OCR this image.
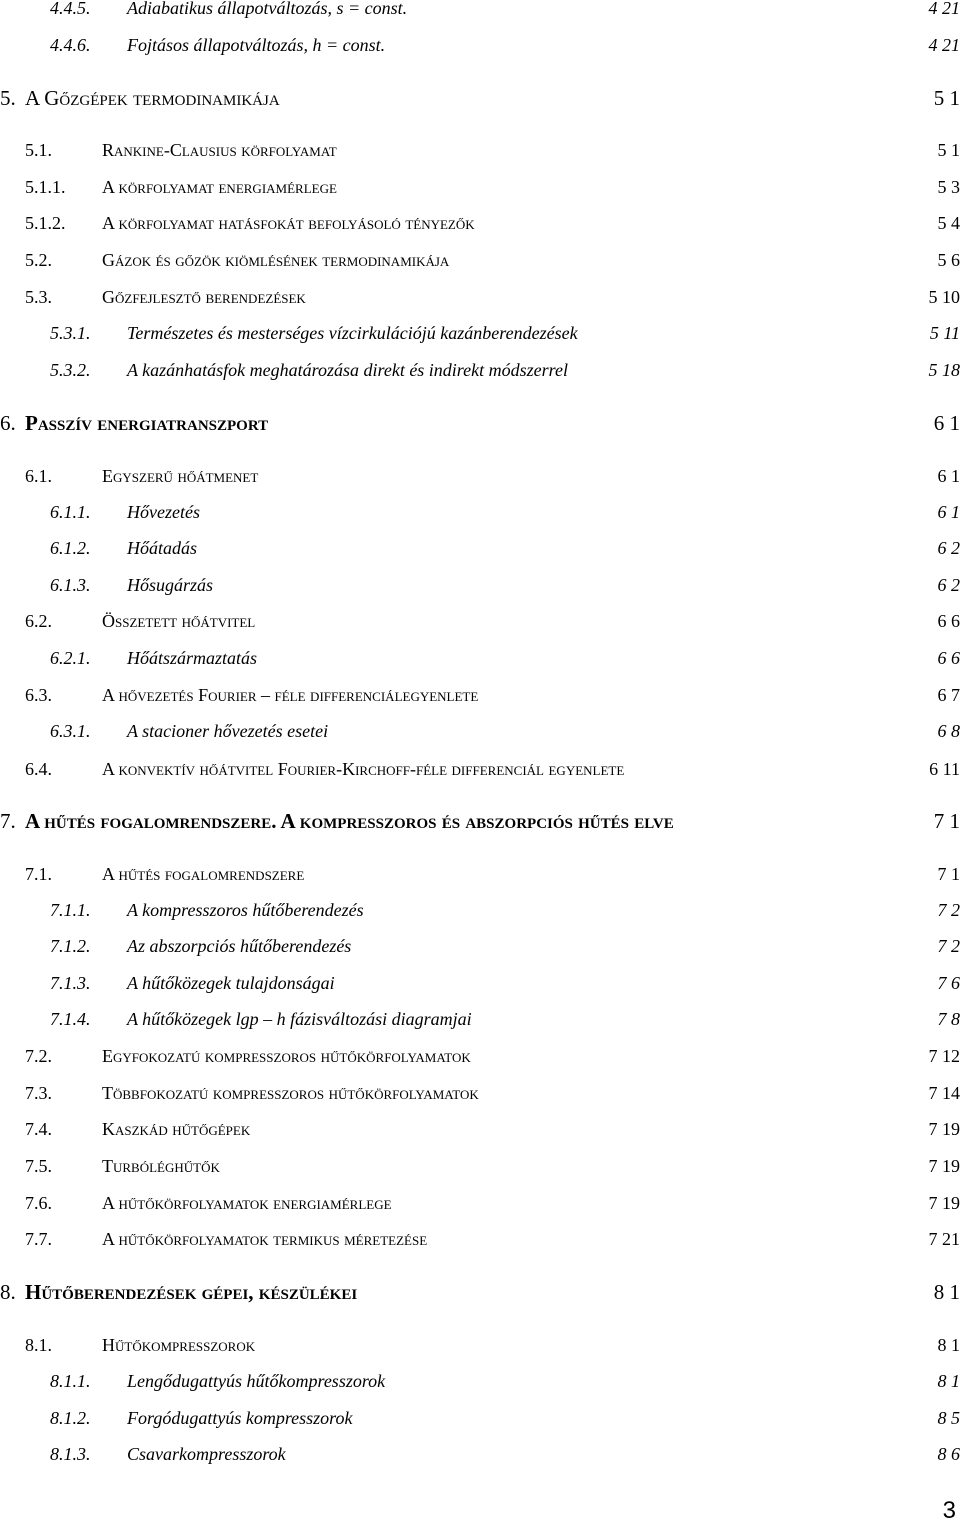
4.4.5. Adiabatikus állapotváltozás, s = const.	4 21
4.4.6. Fojtásos állapotváltozás, h = const.	4 21
5. A Gőzgépek termodinamikája	5 1
5.1.	Rankine-Clausius körfolyamat	5 1
5.1.1. A körfolyamat energiamérlege	5 3
5.1.2. A körfolyamat hatásfokát befolyásoló tényezők	5 4
5.2.	Gázok és gőzök kiömlésének termodinamikája	5 6
5.3.	Gőzfejlesztő berendezések	5 10
5.3.1. Természetes és mesterséges vízcirkulációjú kazánberendezések	5 11
5.3.2. A kazánhatásfok meghatározása direkt és indirekt módszerrel	5 18
6. Passzív energiatranszport	6 1
6.1.	Egyszerű hőátmenet	6 1
6.1.1. Hővezetés	6 1
6.1.2. Hőátadás	6 2
6.1.3. Hősugárzás	6 2
6.2.	Összetett hőátvitel	6 6
6.2.1. Hőátszármaztatás	6 6
6.3.	A hővezetés Fourier – féle differenciálegyenlete	6 7
6.3.1. A stacioner hővezetés esetei	6 8
6.4.	A konvektív hőátvitel Fourier-Kirchoff-féle differenciál egyenlete	6 11
7. A hűtés fogalomrendszere. A kompresszoros és abszorpciós hűtés elve	7 1
7.1.	A hűtés fogalomrendszere	7 1
7.1.1. A kompresszoros hűtőberendezés	7 2
7.1.2. Az abszorpciós hűtőberendezés	7 2
7.1.3. A hűtőközegek tulajdonságai	7 6
7.1.4. A hűtőközegek lgp – h fázisváltozási diagramjai	7 8
7.2.	Egyfokozatú kompresszoros hűtőkörfolyamatok	7 12
7.3.	Többfokozatú kompresszoros hűtőkörfolyamatok	7 14
7.4.	Kaszkád hűtőgépek	7 19
7.5.	Turbóléghűtők	7 19
7.6.	A hűtőkörfolyamatok energiamérlege	7 19
7.7.	A hűtőkörfolyamatok termikus méretezése	7 21
8. Hűtőberendezések gépei, készülékei	8 1
8.1.	Hűtőkompresszorok	8 1
8.1.1. Lengődugattyús hűtőkompresszorok	8 1
8.1.2. Forgódugattyús kompresszorok	8 5
8.1.3. Csavarkompresszorok	8 6
3
